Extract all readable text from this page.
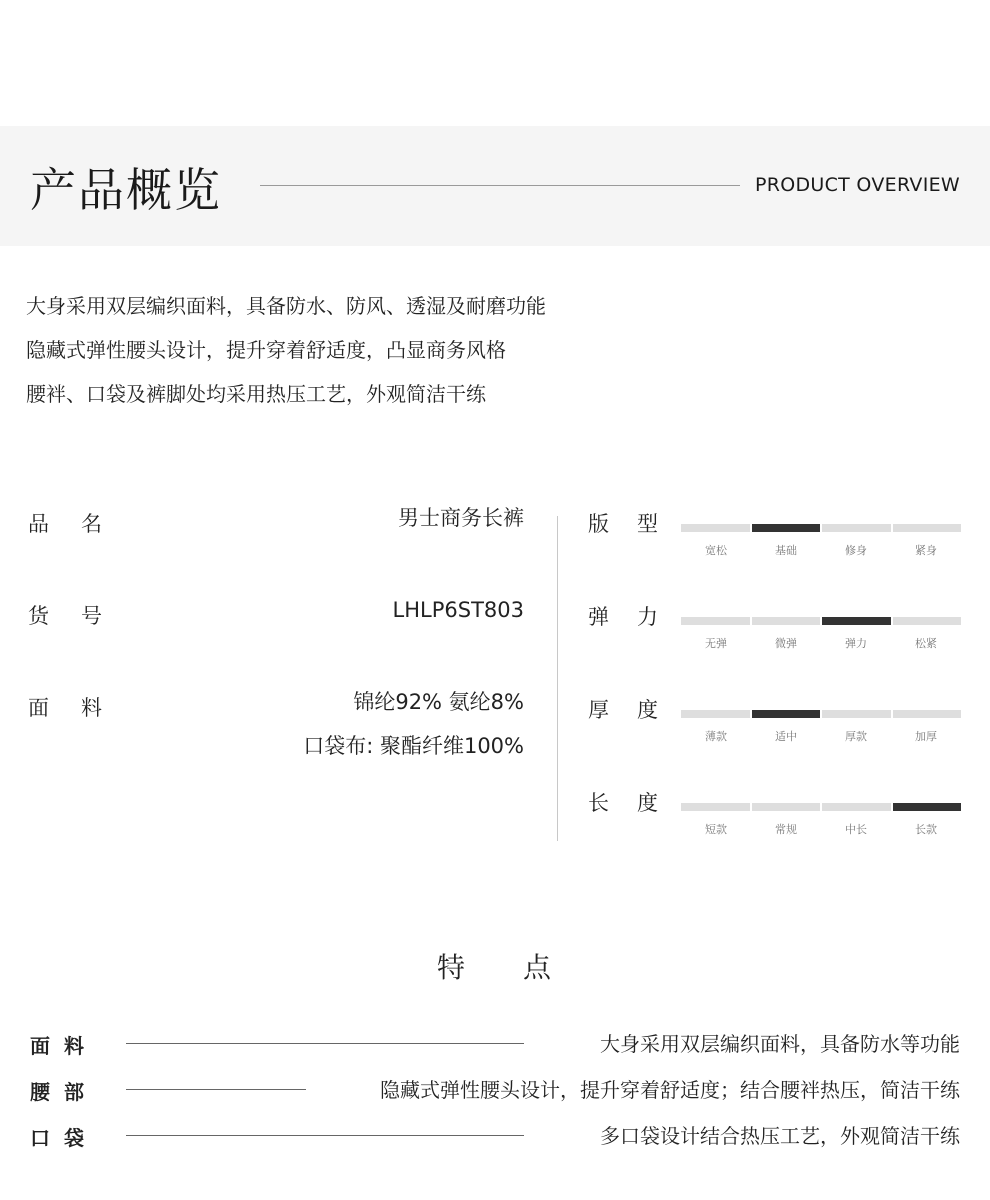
产品概览	PRODUCT OVERVIEW
大身采用双层编织面料，具备防水、防风、透湿及耐磨功能
隐藏式弹性腰头设计，提升穿着舒适度，凸显商务风格
腰袢、口袋及裤脚处均采用热压工艺，外观简洁干练
品 名	男士商务长裤
货 号	LHLP6ST803
面 料	锦纶92% 氨纶8%
口袋布: 聚酯纤维100%
版 型
宽松	基础	修身	紧身
弹 力
无弹	微弹	弹力	松紧
厚 度
薄款	适中	厚款	加厚
长 度
短款	常规	中长	长款
特 点
面 料	大身采用双层编织面料，具备防水等功能
腰 部	隐藏式弹性腰头设计，提升穿着舒适度；结合腰袢热压，简洁干练
口 袋	多口袋设计结合热压工艺，外观简洁干练
